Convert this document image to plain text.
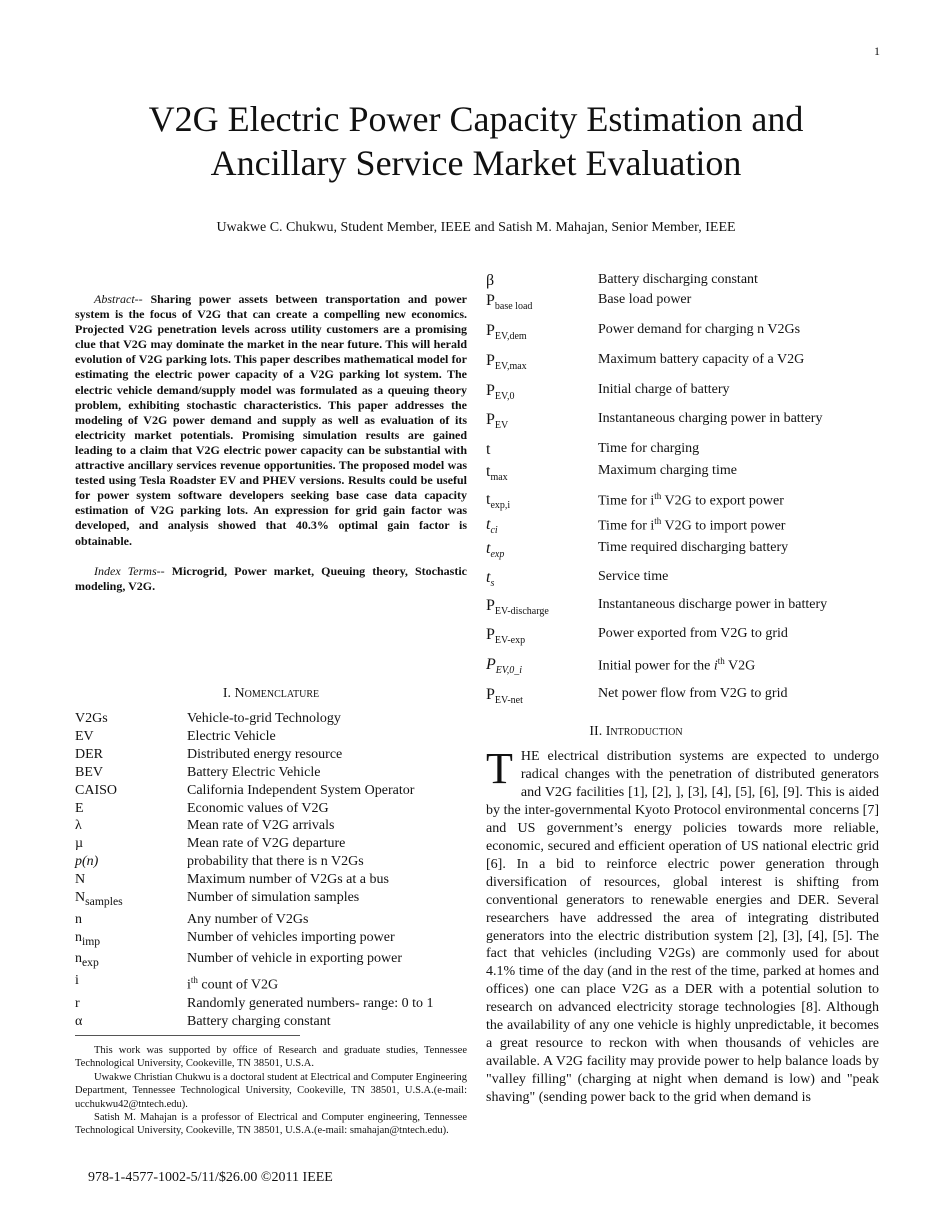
1
V2G Electric Power Capacity Estimation and
Ancillary Service Market Evaluation
Uwakwe C. Chukwu, Student Member, IEEE and Satish M. Mahajan, Senior Member, IEEE

Abstract-- Sharing power assets between transportation and power system is the focus of V2G that can create a compelling new economics. Projected V2G penetration levels across utility customers are a promising clue that V2G may dominate the market in the near future. This will herald evolution of V2G parking lots. This paper describes mathematical model for estimating the electric power capacity of a V2G parking lot system. The electric vehicle demand/supply model was formulated as a queuing theory problem, exhibiting stochastic characteristics. This paper addresses the modeling of V2G power demand and supply as well as evaluation of its electricity market potentials. Promising simulation results are gained leading to a claim that V2G electric power capacity can be substantial with attractive ancillary services revenue opportunities. The proposed model was tested using Tesla Roadster EV and PHEV versions. Results could be useful for power system software developers seeking base case data capacity estimation of V2G parking lots. An expression for grid gain factor was developed, and analysis showed that 40.3% optimal gain factor is obtainable.

Index Terms-- Microgrid, Power market, Queuing theory, Stochastic modeling, V2G.

I. Nomenclature
V2Gs	Vehicle-to-grid Technology
EV	Electric Vehicle
DER	Distributed energy resource
BEV	Battery Electric Vehicle
CAISO	California Independent System Operator
E	Economic values of V2G
λ	Mean rate of V2G arrivals
µ	Mean rate of V2G departure
p(n)	probability that there is n V2Gs
N	Maximum number of V2Gs at a bus
$N_{samples}$	Number of simulation samples
n	Any number of V2Gs
$n_{imp}$	Number of vehicles importing power
$n_{exp}$	Number of vehicle in exporting power
i	$i^{th}$ count of V2G
r	Randomly generated numbers- range: 0 to 1
α	Battery charging constant

This work was supported by office of Research and graduate studies, Tennessee Technological University, Cookeville, TN 38501, U.S.A.

Uwakwe Christian Chukwu is a doctoral student at Electrical and Computer Engineering Department, Tennessee Technological University, Cookeville, TN 38501, U.S.A.(e-mail: ucchukwu42@tntech.edu).

Satish M. Mahajan is a professor of Electrical and Computer engineering, Tennessee Technological University, Cookeville, TN 38501, U.S.A.(e-mail: smahajan@tntech.edu).

978-1-4577-1002-5/11/$26.00 ©2011 IEEE
β	Battery discharging constant
$P_{base load}$	Base load power
$P_{EV,dem}$	Power demand for charging n V2Gs
$P_{EV,max}$	Maximum battery capacity of a V2G
$P_{EV,0}$	Initial charge of battery
$P_{EV}$	Instantaneous charging power in battery
t	Time for charging
$t_{max}$	Maximum charging time
$t_{exp,i}$	Time for $i^{th}$ V2G to export power
$t_{ci}$	Time for $i^{th}$ V2G to import power
$t_{exp}$	Time required discharging battery
$t_s$	Service time
$P_{EV-discharge}$	Instantaneous discharge power in battery
$P_{EV-exp}$	Power exported from V2G to grid
$P_{EV,0\_i}$	Initial power for the $i^{th}$ V2G
$P_{EV-net}$	Net power flow from V2G to grid
II. Introduction

THE electrical distribution systems are expected to undergo radical changes with the penetration of distributed generators and V2G facilities [1], [2], ], [3], [4], [5], [6], [9]. This is aided by the inter-governmental Kyoto Protocol environmental concerns [7] and US government’s energy policies towards more reliable, economic, secured and efficient operation of US national electric grid [6]. In a bid to reinforce electric power generation through diversification of resources, global interest is shifting from conventional generators to renewable energies and DER. Several researchers have addressed the area of integrating distributed generators into the electric distribution system [2], [3], [4], [5]. The fact that vehicles (including V2Gs) are commonly used for about 4.1% time of the day (and in the rest of the time, parked at homes and offices) one can place V2G as a DER with a potential solution to research on advanced electricity storage technologies [8]. Although the availability of any one vehicle is highly unpredictable, it becomes a great resource to reckon with when thousands of vehicles are available. A V2G facility may provide power to help balance loads by "valley filling" (charging at night when demand is low) and "peak shaving" (sending power back to the grid when demand is
